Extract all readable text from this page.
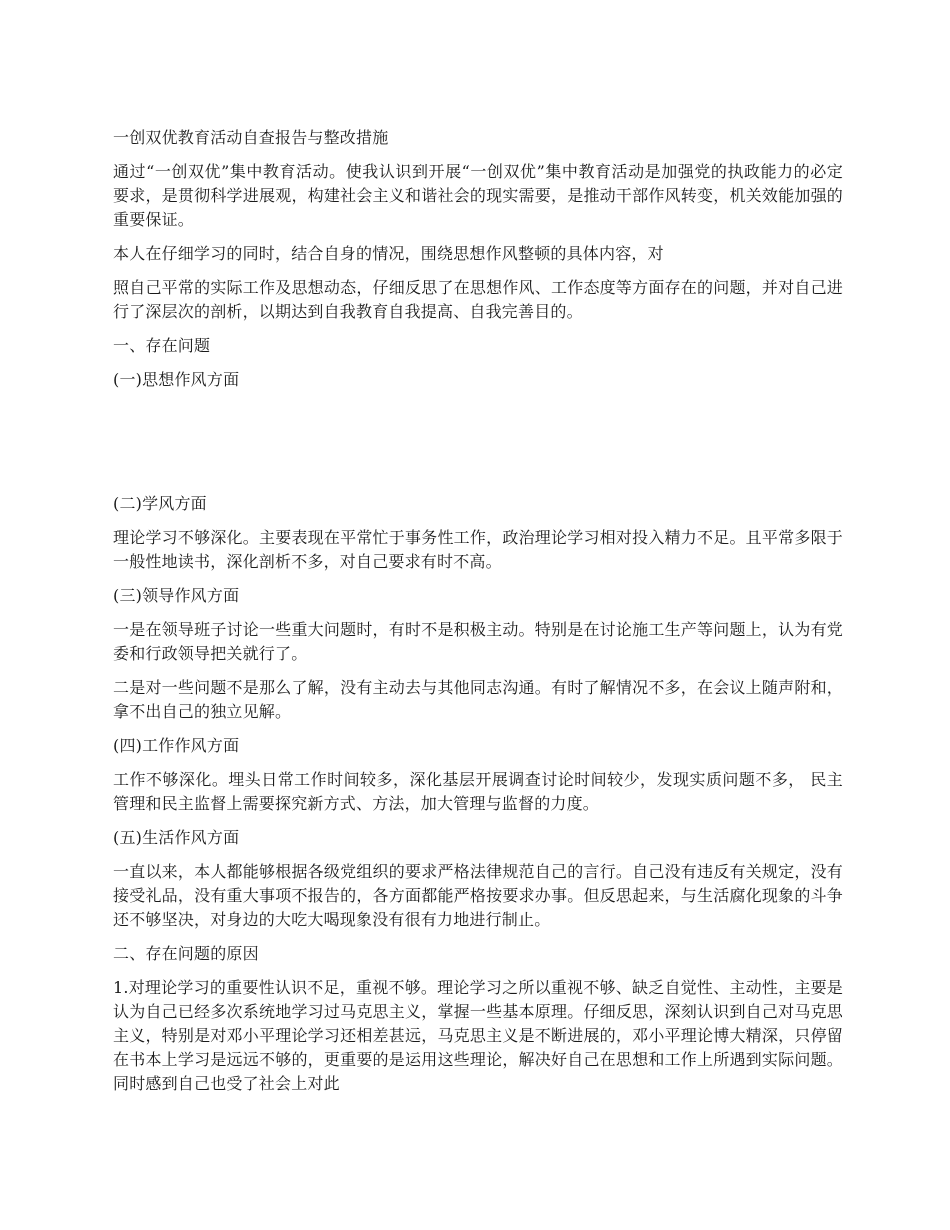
一创双优教育活动自查报告与整改措施

通过“一创双优”集中教育活动。使我认识到开展“一创双优”集中教育活动是加强党的执政能力的必定要求，是贯彻科学进展观，构建社会主义和谐社会的现实需要，是推动干部作风转变，机关效能加强的重要保证。

本人在仔细学习的同时，结合自身的情况，围绕思想作风整顿的具体内容，对

照自己平常的实际工作及思想动态，仔细反思了在思想作风、工作态度等方面存在的问题，并对自己进行了深层次的剖析，以期达到自我教育自我提高、自我完善目的。

一、存在问题

(一)思想作风方面

(二)学风方面

理论学习不够深化。主要表现在平常忙于事务性工作，政治理论学习相对投入精力不足。且平常多限于一般性地读书，深化剖析不多，对自己要求有时不高。

(三)领导作风方面

一是在领导班子讨论一些重大问题时，有时不是积极主动。特别是在讨论施工生产等问题上，认为有党委和行政领导把关就行了。

二是对一些问题不是那么了解，没有主动去与其他同志沟通。有时了解情况不多，在会议上随声附和，拿不出自己的独立见解。

(四)工作作风方面

工作不够深化。埋头日常工作时间较多，深化基层开展调查讨论时间较少，发现实质问题不多， 民主管理和民主监督上需要探究新方式、方法，加大管理与监督的力度。

(五)生活作风方面

一直以来，本人都能够根据各级党组织的要求严格法律规范自己的言行。自己没有违反有关规定，没有接受礼品，没有重大事项不报告的，各方面都能严格按要求办事。但反思起来，与生活腐化现象的斗争还不够坚决，对身边的大吃大喝现象没有很有力地进行制止。

二、存在问题的原因

1.对理论学习的重要性认识不足，重视不够。理论学习之所以重视不够、缺乏自觉性、主动性，主要是认为自己已经多次系统地学习过马克思主义，掌握一些基本原理。仔细反思，深刻认识到自己对马克思主义，特别是对邓小平理论学习还相差甚远，马克思主义是不断进展的，邓小平理论博大精深，只停留在书本上学习是远远不够的，更重要的是运用这些理论，解决好自己在思想和工作上所遇到实际问题。同时感到自己也受了社会上对此
